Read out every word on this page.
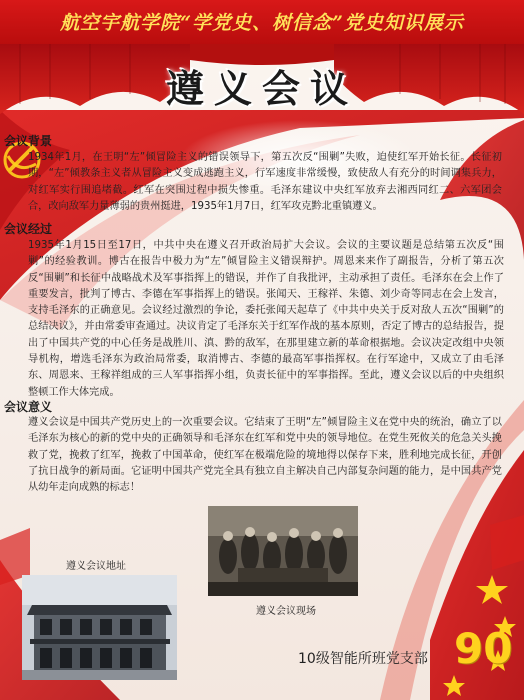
航空宇航学院“学党史、树信念”党史知识展示
遵义会议
会议背景

1934年1月，在王明“左”倾冒险主义的错误领导下，第五次反“围剿”失败，迫使红军开始长征。长征初期，“左”倾教条主义者从冒险主义变成逃跑主义，行军速度非常缓慢，致使敌人有充分的时间调集兵力，对红军实行围追堵截。红军在突围过程中损失惨重。毛泽东建议中央红军放弃去湘西同红二、六军团会合，改向敌军力量薄弱的贵州挺进，1935年1月7日，红军攻克黔北重镇遵义。

会议经过

1935年1月15日至17日，中共中央在遵义召开政治局扩大会议。会议的主要议题是总结第五次反“围剿”的经验教训。博古在报告中极力为“左”倾冒险主义错误辩护。周恩来来作了副报告，分析了第五次反“围剿”和长征中战略战术及军事指挥上的错误，并作了自我批评，主动承担了责任。毛泽东在会上作了重要发言，批判了博古、李德在军事指挥上的错误。张闻天、王稼祥、朱德、刘少奇等同志在会上发言，支持毛泽东的正确意见。会议经过激烈的争论，委托张闻天起草了《中共中央关于反对敌人五次“围剿”的总结决议》，并由常委审查通过。决议肯定了毛泽东关于红军作战的基本原则，否定了博古的总结报告，提出了中国共产党的中心任务是战胜川、滇、黔的敌军，在那里建立新的革命根据地。会议决定改组中央领导机构，增选毛泽东为政治局常委，取消博古、李德的最高军事指挥权。在行军途中，又成立了由毛泽东、周恩来、王稼祥组成的三人军事指挥小组，负责长征中的军事指挥。至此，遵义会议以后的中央组织整顿工作大体完成。

会议意义

遵义会议是中国共产党历史上的一次重要会议。它结束了王明“左”倾冒险主义在党中央的统治，确立了以毛泽东为核心的新的党中央的正确领导和毛泽东在红军和党中央的领导地位。在党生死攸关的危急关头挽救了党，挽救了红军，挽救了中国革命，使红军在极端危险的境地得以保存下来，胜利地完成长征，开创了抗日战争的新局面。它证明中国共产党完全具有独立自主解决自己内部复杂问题的能力，是中国共产党从幼年走向成熟的标志！

遵义会议现场
遵义会议地址
10级智能所班党支部 90
